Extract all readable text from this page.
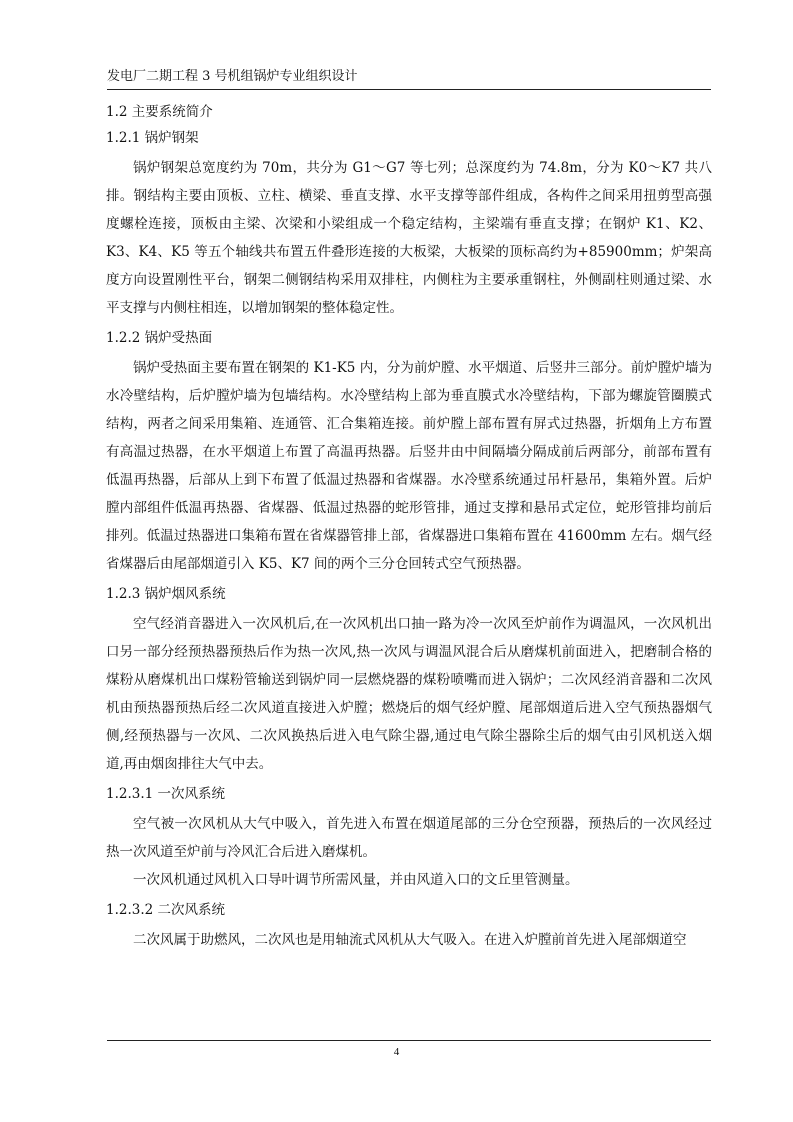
发电厂二期工程 3 号机组锅炉专业组织设计
1.2 主要系统简介
1.2.1 锅炉钢架

锅炉钢架总宽度约为 70m，共分为 G1～G7 等七列；总深度约为 74.8m，分为 K0～K7 共八排。钢结构主要由顶板、立柱、横梁、垂直支撑、水平支撑等部件组成，各构件之间采用扭剪型高强度螺栓连接，顶板由主梁、次梁和小梁组成一个稳定结构，主梁端有垂直支撑；在钢炉 K1、K2、K3、K4、K5 等五个轴线共布置五件叠形连接的大板梁，大板梁的顶标高约为+85900mm；炉架高度方向设置刚性平台，钢架二侧钢结构采用双排柱，内侧柱为主要承重钢柱，外侧副柱则通过梁、水平支撑与内侧柱相连，以增加钢架的整体稳定性。

1.2.2 锅炉受热面

锅炉受热面主要布置在钢架的 K1-K5 内，分为前炉膛、水平烟道、后竖井三部分。前炉膛炉墙为水冷壁结构，后炉膛炉墙为包墙结构。水冷壁结构上部为垂直膜式水冷壁结构，下部为螺旋管圈膜式结构，两者之间采用集箱、连通管、汇合集箱连接。前炉膛上部布置有屏式过热器，折烟角上方布置有高温过热器，在水平烟道上布置了高温再热器。后竖井由中间隔墙分隔成前后两部分，前部布置有低温再热器，后部从上到下布置了低温过热器和省煤器。水冷壁系统通过吊杆悬吊，集箱外置。后炉膛内部组件低温再热器、省煤器、低温过热器的蛇形管排，通过支撑和悬吊式定位，蛇形管排均前后排列。低温过热器进口集箱布置在省煤器管排上部，省煤器进口集箱布置在 41600mm 左右。烟气经省煤器后由尾部烟道引入 K5、K7 间的两个三分仓回转式空气预热器。

1.2.3 锅炉烟风系统

空气经消音器进入一次风机后,在一次风机出口抽一路为冷一次风至炉前作为调温风，一次风机出口另一部分经预热器预热后作为热一次风,热一次风与调温风混合后从磨煤机前面进入，把磨制合格的煤粉从磨煤机出口煤粉管输送到锅炉同一层燃烧器的煤粉喷嘴而进入锅炉；二次风经消音器和二次风机由预热器预热后经二次风道直接进入炉膛；燃烧后的烟气经炉膛、尾部烟道后进入空气预热器烟气侧,经预热器与一次风、二次风换热后进入电气除尘器,通过电气除尘器除尘后的烟气由引风机送入烟道,再由烟囱排往大气中去。

1.2.3.1 一次风系统

空气被一次风机从大气中吸入，首先进入布置在烟道尾部的三分仓空预器，预热后的一次风经过热一次风道至炉前与冷风汇合后进入磨煤机。

一次风机通过风机入口导叶调节所需风量，并由风道入口的文丘里管测量。

1.2.3.2 二次风系统

二次风属于助燃风，二次风也是用轴流式风机从大气吸入。在进入炉膛前首先进入尾部烟道空

4
